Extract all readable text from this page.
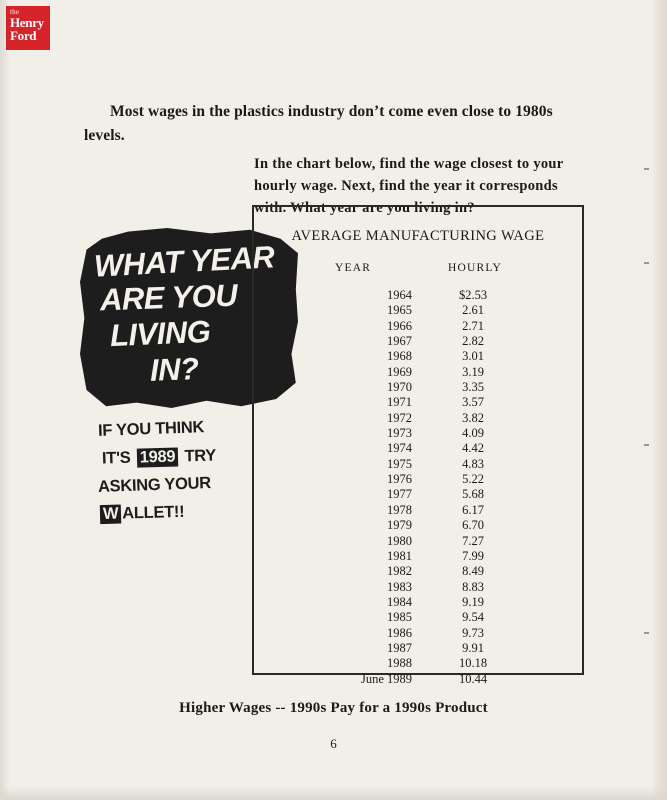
the
Henry
Ford

Most wages in the plastics industry don’t come even close to 1980s levels.

In the chart below, find the wage closest to your hourly wage. Next, find the year it corresponds with. What year are you living in?

WHAT YEAR
ARE YOU
LIVING
IN?
IF YOU THINK
IT'S 1989 TRY
ASKING YOUR
W ALLET!!
AVERAGE MANUFACTURING WAGE
YEAR	HOURLY
1964	$2.53
1965	2.61
1966	2.71
1967	2.82
1968	3.01
1969	3.19
1970	3.35
1971	3.57
1972	3.82
1973	4.09
1974	4.42
1975	4.83
1976	5.22
1977	5.68
1978	6.17
1979	6.70
1980	7.27
1981	7.99
1982	8.49
1983	8.83
1984	9.19
1985	9.54
1986	9.73
1987	9.91
1988	10.18
June 1989	10.44
Higher Wages -- 1990s Pay for a 1990s Product
6
